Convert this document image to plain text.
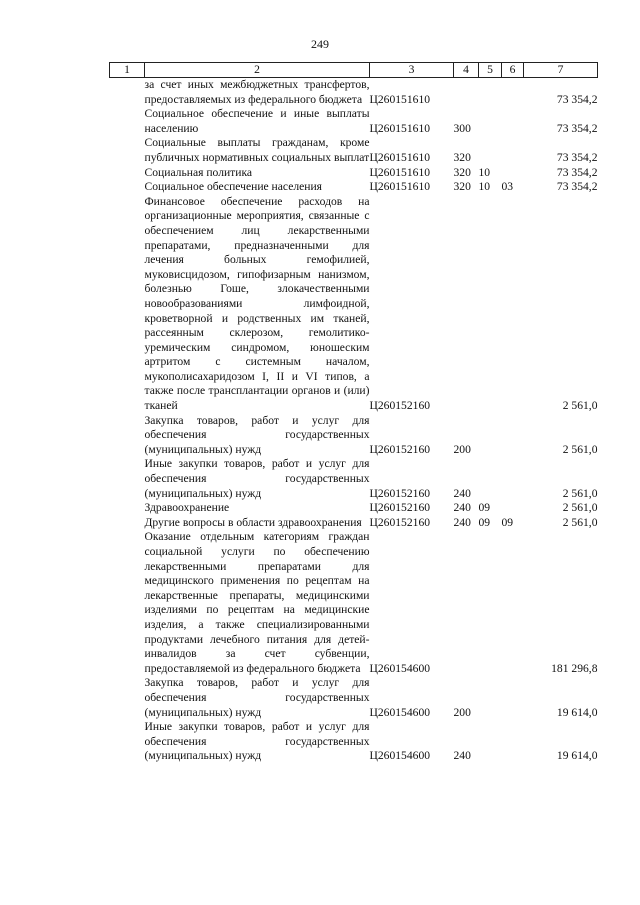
249
1	2	3	4	5	6	7
	за счет иных межбюджетных трансфертов, предоставляемых из федерального бюджета	Ц260151610				73 354,2
	Социальное обеспечение и иные выплаты населению	Ц260151610	300			73 354,2
	Социальные выплаты гражданам, кроме публичных нормативных социальных выплат	Ц260151610	320			73 354,2
	Социальная политика	Ц260151610	320	10		73 354,2
	Социальное обеспечение населения	Ц260151610	320	10	03	73 354,2
	Финансовое обеспечение расходов на организационные мероприятия, связанные с обеспечением лиц лекарственными препаратами, предназначенными для лечения больных гемофилией, муковисцидозом, гипофизарным нанизмом, болезнью Гоше, злокачественными новообразованиями лимфоидной, кроветворной и родственных им тканей, рассеянным склерозом, гемолитико-уремическим синдромом, юношеским артритом с системным началом, мукополисахаридозом I, II и VI типов, а также после трансплантации органов и (или) тканей	Ц260152160				2 561,0
	Закупка товаров, работ и услуг для обеспечения государственных (муниципальных) нужд	Ц260152160	200			2 561,0
	Иные закупки товаров, работ и услуг для обеспечения государственных (муниципальных) нужд	Ц260152160	240			2 561,0
	Здравоохранение	Ц260152160	240	09		2 561,0
	Другие вопросы в области здравоохранения	Ц260152160	240	09	09	2 561,0
	Оказание отдельным категориям граждан социальной услуги по обеспечению лекарственными препаратами для медицинского применения по рецептам на лекарственные препараты, медицинскими изделиями по рецептам на медицинские изделия, а также специализированными продуктами лечебного питания для детей-инвалидов за счет субвенции, предоставляемой из федерального бюджета	Ц260154600				181 296,8
	Закупка товаров, работ и услуг для обеспечения государственных (муниципальных) нужд	Ц260154600	200			19 614,0
	Иные закупки товаров, работ и услуг для обеспечения государственных (муниципальных) нужд	Ц260154600	240			19 614,0
